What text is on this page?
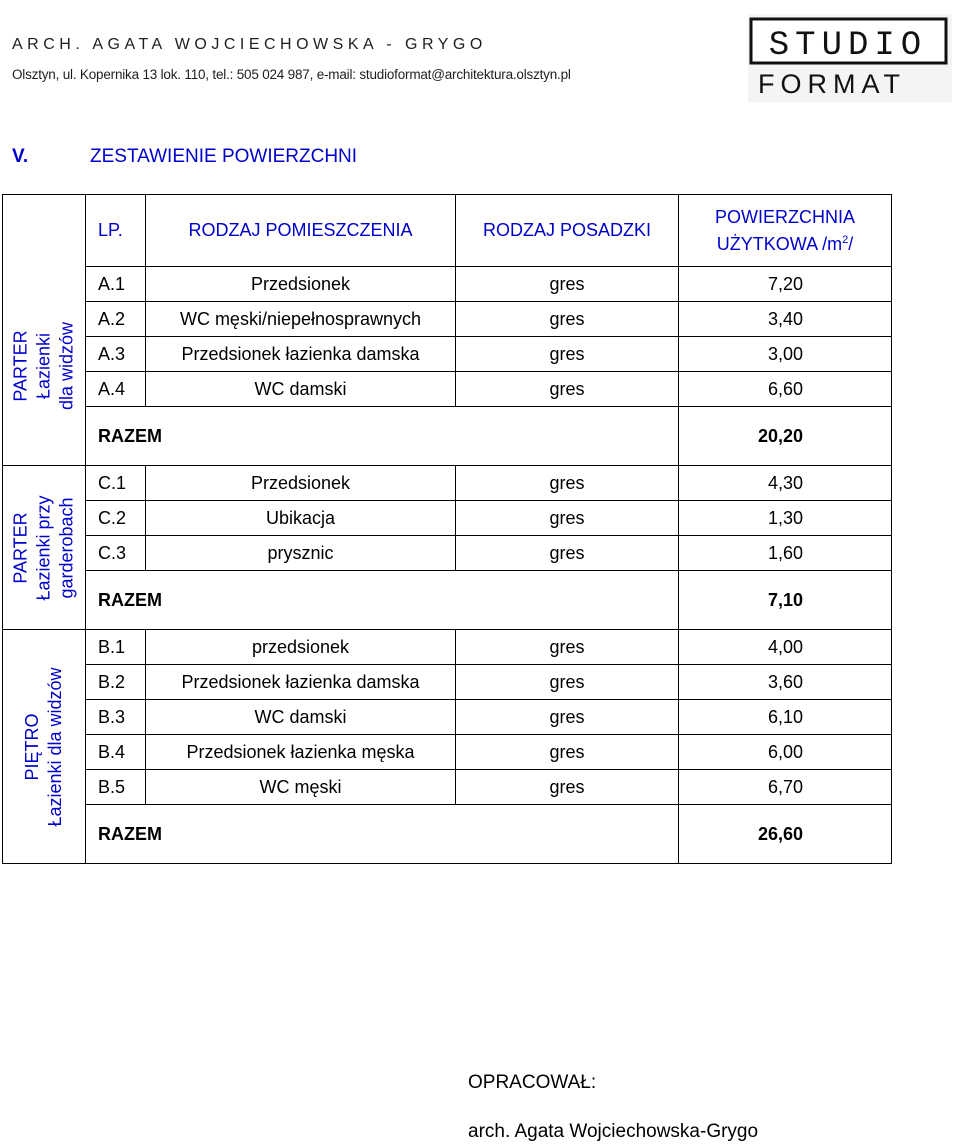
ARCH. AGATA WOJCIECHOWSKA - GRYGO
Olsztyn, ul. Kopernika 13 lok. 110, tel.: 505 024 987, e-mail: studioformat@architektura.olsztyn.pl
STUDIO
FORMAT
V.	ZESTAWIENIE POWIERZCHNI
	LP.	RODZAJ POMIESZCZENIA	RODZAJ POSADZKI	POWIERZCHNIA
UŻYTKOWA $/m^2/$

PARTER Łazienki dla widzów	A.1	Przedsionek	gres	7,20
	A.2	WC męski/niepełnosprawnych	gres	3,40
	A.3	Przedsionek łazienka damska	gres	3,00
	A.4	WC damski	gres	6,60
	RAZEM			20,20

PARTER Łazienki przy garderobach	C.1	Przedsionek	gres	4,30
	C.2	Ubikacja	gres	1,30
	C.3	prysznic	gres	1,60
	RAZEM			7,10

PIĘTRO Łazienki dla widzów	B.1	przedsionek	gres	4,00
	B.2	Przedsionek łazienka damska	gres	3,60
	B.3	WC damski	gres	6,10
	B.4	Przedsionek łazienka męska	gres	6,00
	B.5	WC męski	gres	6,70
	RAZEM			26,60
OPRACOWAŁ:
arch. Agata Wojciechowska-Grygo
